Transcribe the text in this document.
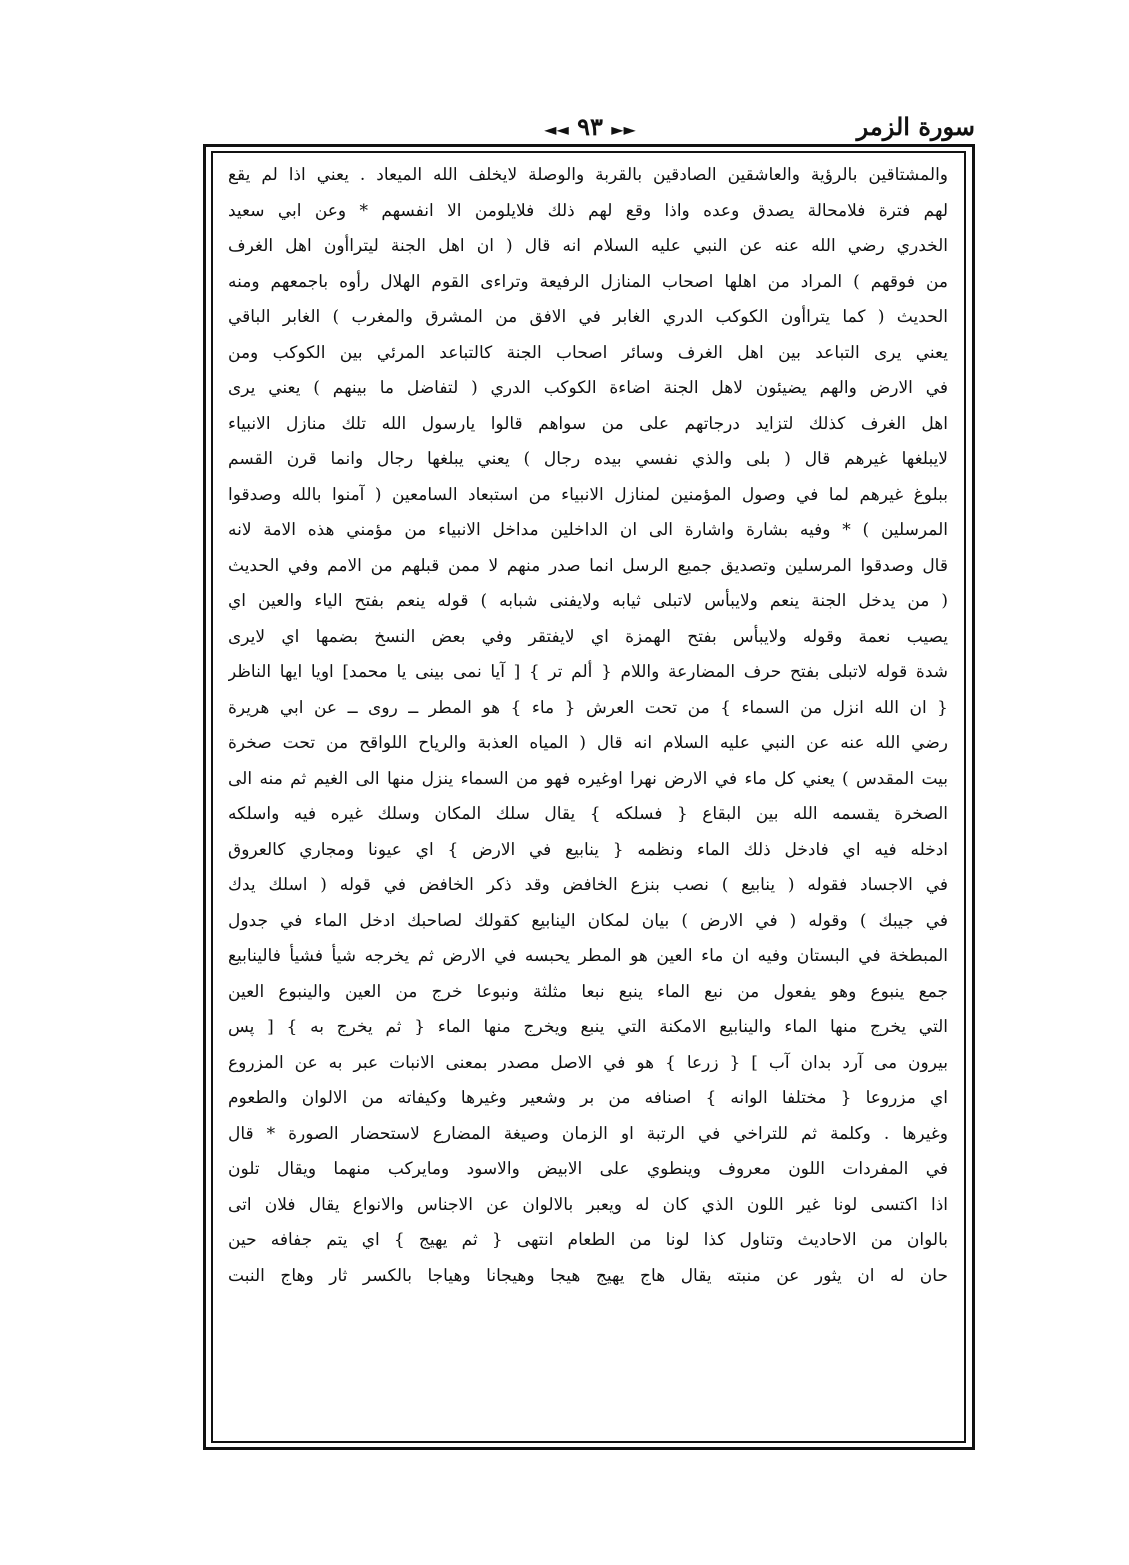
سورة الزمر
◄◄ ٩٣ ►►
والمشتاقين بالرؤية والعاشقين الصادقين بالقربة والوصلة لايخلف الله الميعاد . يعني اذا لم يقع
لهم فترة فلامحالة يصدق وعده واذا وقع لهم ذلك فلايلومن الا انفسهم * وعن ابي سعيد
الخدري رضي الله عنه عن النبي عليه السلام انه قال ( ان اهل الجنة ليتراأون اهل الغرف
من فوقهم ) المراد من اهلها اصحاب المنازل الرفيعة وتراءى القوم الهلال رأوه باجمعهم ومنه
الحديث ( كما يتراأون الكوكب الدري الغابر في الافق من المشرق والمغرب ) الغابر الباقي
يعني يرى التباعد بين اهل الغرف وسائر اصحاب الجنة كالتباعد المرئي بين الكوكب ومن
في الارض والهم يضيئون لاهل الجنة اضاءة الكوكب الدري ( لتفاضل ما بينهم ) يعني يرى
اهل الغرف كذلك لتزايد درجاتهم على من سواهم قالوا يارسول الله تلك منازل الانبياء
لايبلغها غيرهم قال ( بلى والذي نفسي بيده رجال ) يعني يبلغها رجال وانما قرن القسم
ببلوغ غيرهم لما في وصول المؤمنين لمنازل الانبياء من استبعاد السامعين ( آمنوا بالله وصدقوا
المرسلين ) * وفيه بشارة واشارة الى ان الداخلين مداخل الانبياء من مؤمني هذه الامة لانه
قال وصدقوا المرسلين وتصديق جميع الرسل انما صدر منهم لا ممن قبلهم من الامم وفي الحديث
( من يدخل الجنة ينعم ولايبأس لاتبلى ثيابه ولايفنى شبابه ) قوله ينعم بفتح الياء والعين اي
يصيب نعمة وقوله ولايبأس بفتح الهمزة اي لايفتقر وفي بعض النسخ بضمها اي لايرى
شدة قوله لاتبلى بفتح حرف المضارعة واللام { ألم تر } [ آيا نمى بينى يا محمد] اويا ايها الناظر
{ ان الله انزل من السماء } من تحت العرش { ماء } هو المطر ــ روى ــ عن ابي هريرة
رضي الله عنه عن النبي عليه السلام انه قال ( المياه العذبة والرياح اللواقح من تحت صخرة
بيت المقدس ) يعني كل ماء في الارض نهرا اوغيره فهو من السماء ينزل منها الى الغيم ثم منه الى
الصخرة يقسمه الله بين البقاع { فسلكه } يقال سلك المكان وسلك غيره فيه واسلكه
ادخله فيه اي فادخل ذلك الماء ونظمه { ينابيع في الارض } اي عيونا ومجاري كالعروق
في الاجساد فقوله ( ينابيع ) نصب بنزع الخافض وقد ذكر الخافض في قوله ( اسلك يدك
في جيبك ) وقوله ( في الارض ) بيان لمكان الينابيع كقولك لصاحبك ادخل الماء في جدول
المبطخة في البستان وفيه ان ماء العين هو المطر يحبسه في الارض ثم يخرجه شيأ فشيأ فالينابيع
جمع ينبوع وهو يفعول من نبع الماء ينبع نبعا مثلثة ونبوعا خرج من العين والينبوع العين
التي يخرج منها الماء والينابيع الامكنة التي ينبع ويخرج منها الماء { ثم يخرج به } [ پس
بيرون مى آرد بدان آب ] { زرعا } هو في الاصل مصدر بمعنى الانبات عبر به عن المزروع
اي مزروعا { مختلفا الوانه } اصنافه من بر وشعير وغيرها وكيفاته من الالوان والطعوم
وغيرها . وكلمة ثم للتراخي في الرتبة او الزمان وصيغة المضارع لاستحضار الصورة * قال
في المفردات اللون معروف وينطوي على الابيض والاسود ومايركب منهما ويقال تلون
اذا اكتسى لونا غير اللون الذي كان له ويعبر بالالوان عن الاجناس والانواع يقال فلان اتى
بالوان من الاحاديث وتناول كذا لونا من الطعام انتهى { ثم يهيج } اي يتم جفافه حين
حان له ان يثور عن منبته يقال هاج يهيج هيجا وهيجانا وهياجا بالكسر ثار وهاج النبت
